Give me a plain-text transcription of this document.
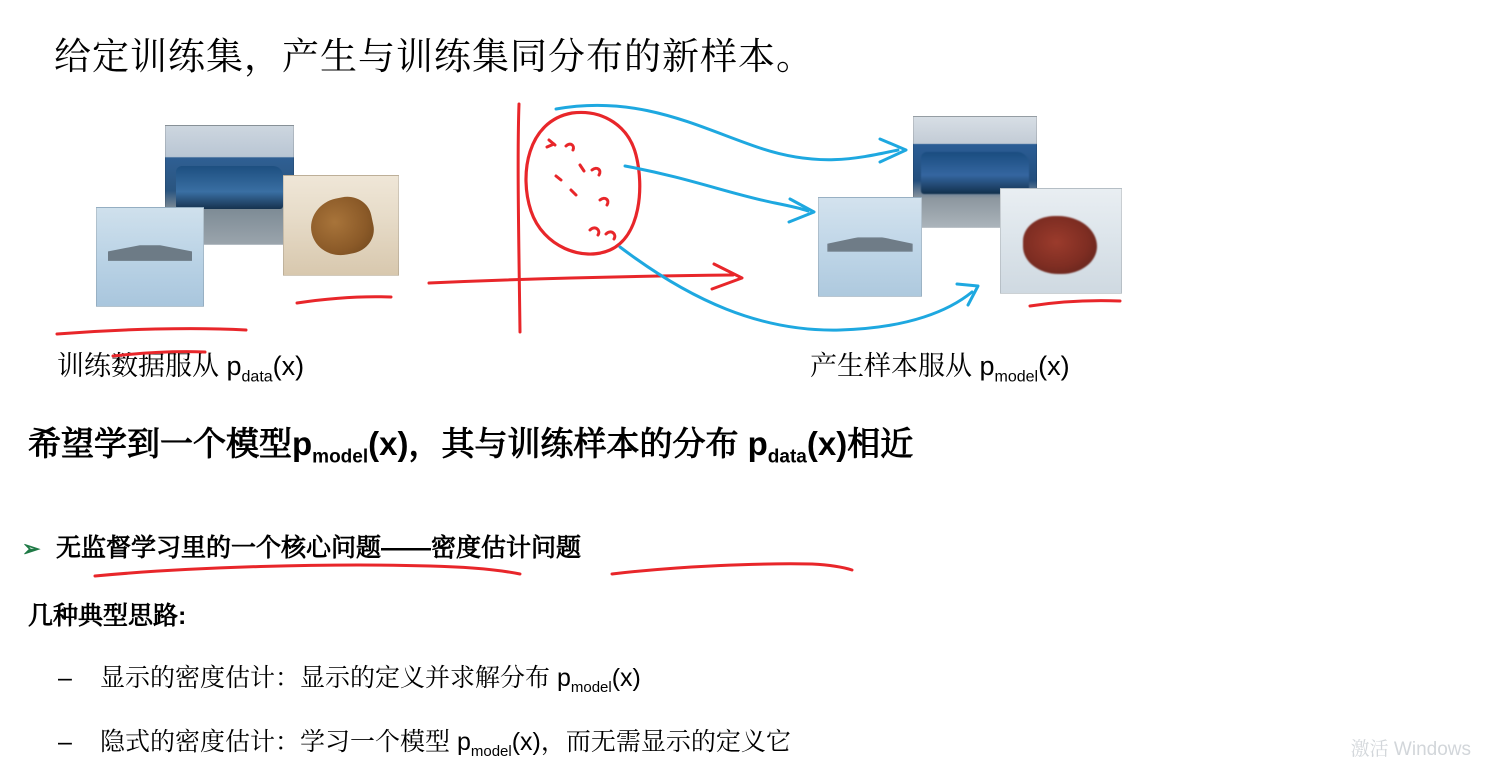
给定训练集，产生与训练集同分布的新样本。
训练数据服从 $p_{data}(x)$	产生样本服从 $p_{model}(x)$
希望学到一个模型$p_{model}(x)$，其与训练样本的分布 $p_{data}(x)$相近
➢ 无监督学习里的一个核心问题——密度估计问题
几种典型思路:
– 显示的密度估计：显示的定义并求解分布 $p_{model}(x)$
– 隐式的密度估计：学习一个模型 $p_{model}(x)$，而无需显示的定义它	激活 Windows
